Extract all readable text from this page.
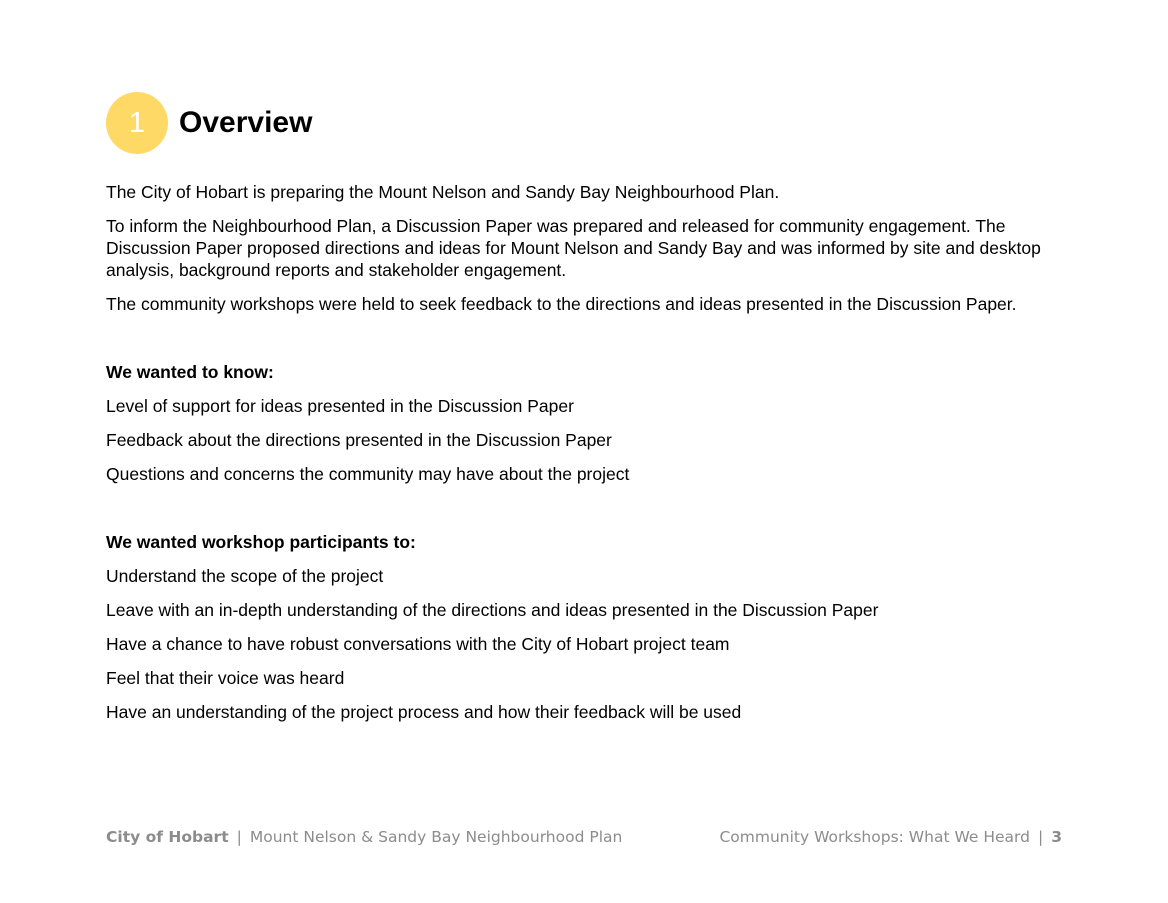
1	Overview

The City of Hobart is preparing the Mount Nelson and Sandy Bay Neighbourhood Plan.

To inform the Neighbourhood Plan, a Discussion Paper was prepared and released for community engagement. The Discussion Paper proposed directions and ideas for Mount Nelson and Sandy Bay and was informed by site and desktop analysis, background reports and stakeholder engagement.

The community workshops were held to seek feedback to the directions and ideas presented in the Discussion Paper.

We wanted to know:

Level of support for ideas presented in the Discussion Paper

Feedback about the directions presented in the Discussion Paper

Questions and concerns the community may have about the project

We wanted workshop participants to:

Understand the scope of the project

Leave with an in-depth understanding of the directions and ideas presented in the Discussion Paper

Have a chance to have robust conversations with the City of Hobart project team

Feel that their voice was heard

Have an understanding of the project process and how their feedback will be used

City of Hobart | Mount Nelson & Sandy Bay Neighbourhood Plan	Community Workshops: What We Heard | 3
